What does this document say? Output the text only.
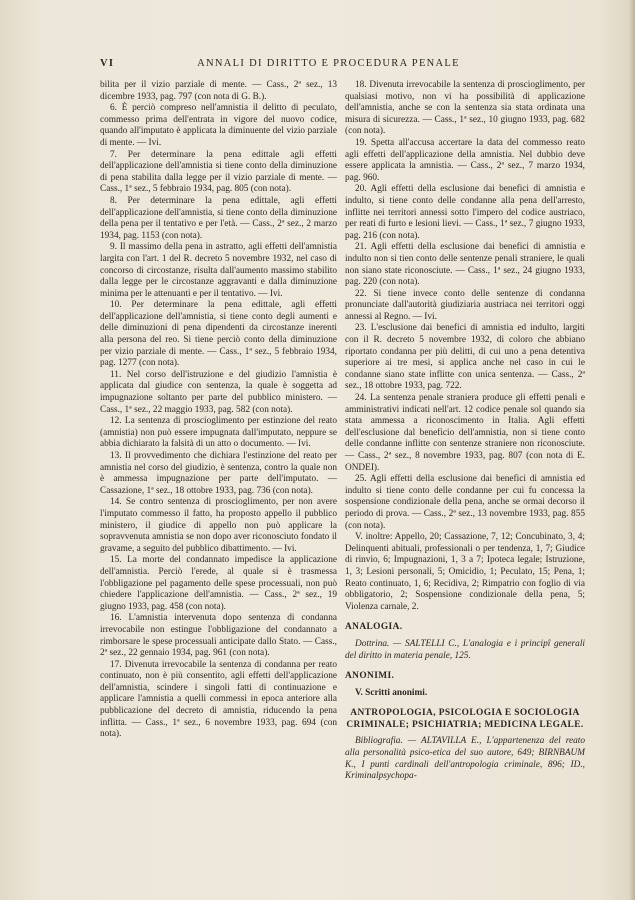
VI	ANNALI DI DIRITTO E PROCEDURA PENALE

bilita per il vizio parziale di mente. — Cass., 2ª sez., 13 dicembre 1933, pag. 797 (con nota di G. B.).

6. È perciò compreso nell'amnistia il delitto di peculato, commesso prima dell'entrata in vigore del nuovo codice, quando all'imputato è applicata la diminuente del vizio parziale di mente. — Ivi.

7. Per determinare la pena edittale agli effetti dell'applicazione dell'amnistia si tiene conto della diminuzione di pena stabilita dalla legge per il vizio parziale di mente. — Cass., 1ª sez., 5 febbraio 1934, pag. 805 (con nota).

8. Per determinare la pena edittale, agli effetti dell'applicazione dell'amnistia, si tiene conto della diminuzione della pena per il tentativo e per l'età. — Cass., 2ª sez., 2 marzo 1934, pag. 1153 (con nota).

9. Il massimo della pena in astratto, agli effetti dell'amnistia largita con l'art. 1 del R. decreto 5 novembre 1932, nel caso di concorso di circostanze, risulta dall'aumento massimo stabilito dalla legge per le circostanze aggravanti e dalla diminuzione minima per le attenuanti e per il tentativo. — Ivi.

10. Per determinare la pena edittale, agli effetti dell'applicazione dell'amnistia, si tiene conto degli aumenti e delle diminuzioni di pena dipendenti da circostanze inerenti alla persona del reo. Si tiene perciò conto della diminuzione per vizio parziale di mente. — Cass., 1ª sez., 5 febbraio 1934, pag. 1277 (con nota).

11. Nel corso dell'istruzione e del giudizio l'amnistia è applicata dal giudice con sentenza, la quale è soggetta ad impugnazione soltanto per parte del pubblico ministero. — Cass., 1ª sez., 22 maggio 1933, pag. 582 (con nota).

12. La sentenza di proscioglimento per estinzione del reato (amnistia) non può essere impugnata dall'imputato, neppure se abbia dichiarato la falsità di un atto o documento. — Ivi.

13. Il provvedimento che dichiara l'estinzione del reato per amnistia nel corso del giudizio, è sentenza, contro la quale non è ammessa impugnazione per parte dell'imputato. — Cassazione, 1ª sez., 18 ottobre 1933, pag. 736 (con nota).

14. Se contro sentenza di proscioglimento, per non avere l'imputato commesso il fatto, ha proposto appello il pubblico ministero, il giudice di appello non può applicare la sopravvenuta amnistia se non dopo aver riconosciuto fondato il gravame, a seguito del pubblico dibattimento. — Ivi.

15. La morte del condannato impedisce la applicazione dell'amnistia. Perciò l'erede, al quale si è trasmessa l'obbligazione pel pagamento delle spese processuali, non può chiedere l'applicazione dell'amnistia. — Cass., 2ª sez., 19 giugno 1933, pag. 458 (con nota).

16. L'amnistia intervenuta dopo sentenza di condanna irrevocabile non estingue l'obbligazione del condannato a rimborsare le spese processuali anticipate dallo Stato. — Cass., 2ª sez., 22 gennaio 1934, pag. 961 (con nota).

17. Divenuta irrevocabile la sentenza di condanna per reato continuato, non è più consentito, agli effetti dell'applicazione dell'amnistia, scindere i singoli fatti di continuazione e applicare l'amnistia a quelli commessi in epoca anteriore alla pubblicazione del decreto di amnistia, riducendo la pena inflitta. — Cass., 1ª sez., 6 novembre 1933, pag. 694 (con nota).

18. Divenuta irrevocabile la sentenza di proscioglimento, per qualsiasi motivo, non vi ha possibilità di applicazione dell'amnistia, anche se con la sentenza sia stata ordinata una misura di sicurezza. — Cass., 1ª sez., 10 giugno 1933, pag. 682 (con nota).

19. Spetta all'accusa accertare la data del commesso reato agli effetti dell'applicazione della amnistia. Nel dubbio deve essere applicata la amnistia. — Cass., 2ª sez., 7 marzo 1934, pag. 960.

20. Agli effetti della esclusione dai benefici di amnistia e indulto, si tiene conto delle condanne alla pena dell'arresto, inflitte nei territori annessi sotto l'impero del codice austriaco, per reati di furto e lesioni lievi. — Cass., 1ª sez., 7 giugno 1933, pag. 216 (con nota).

21. Agli effetti della esclusione dai benefici di amnistia e indulto non si tien conto delle sentenze penali straniere, le quali non siano state riconosciute. — Cass., 1ª sez., 24 giugno 1933, pag. 220 (con nota).

22. Si tiene invece conto delle sentenze di condanna pronunciate dall'autorità giudiziaria austriaca nei territori oggi annessi al Regno. — Ivi.

23. L'esclusione dai benefici di amnistia ed indulto, largiti con il R. decreto 5 novembre 1932, di coloro che abbiano riportato condanna per più delitti, di cui uno a pena detentiva superiore ai tre mesi, si applica anche nel caso in cui le condanne siano state inflitte con unica sentenza. — Cass., 2ª sez., 18 ottobre 1933, pag. 722.

24. La sentenza penale straniera produce gli effetti penali e amministrativi indicati nell'art. 12 codice penale sol quando sia stata ammessa a riconoscimento in Italia. Agli effetti dell'esclusione dal beneficio dell'amnistia, non si tiene conto delle condanne inflitte con sentenze straniere non riconosciute. — Cass., 2ª sez., 8 novembre 1933, pag. 807 (con nota di E. ONDEI).

25. Agli effetti della esclusione dai benefici di amnistia ed indulto si tiene conto delle condanne per cui fu concessa la sospensione condizionale della pena, anche se ormai decorso il periodo di prova. — Cass., 2ª sez., 13 novembre 1933, pag. 855 (con nota).

V. inoltre: Appello, 20; Cassazione, 7, 12; Concubinato, 3, 4; Delinquenti abituali, professionali o per tendenza, 1, 7; Giudice di rinvio, 6; Impugnazioni, 1, 3 a 7; Ipoteca legale; Istruzione, 1, 3; Lesioni personali, 5; Omicidio, 1; Peculato, 15; Pena, 1; Reato continuato, 1, 6; Recidiva, 2; Rimpatrio con foglio di via obbligatorio, 2; Sospensione condizionale della pena, 5; Violenza carnale, 2.

ANALOGIA.

Dottrina. — SALTELLI C., L'analogia e i principî generali del diritto in materia penale, 125.

ANONIMI.

V. Scritti anonimi.

ANTROPOLOGIA, PSICOLOGIA E SOCIOLOGIA CRIMINALE; PSICHIATRIA; MEDICINA LEGALE.

Bibliografia. — ALTAVILLA E., L'appartenenza del reato alla personalità psico-etica del suo autore, 649; BIRNBAUM K., I punti cardinali dell'antropologia criminale, 896; ID., Kriminalpsychopa-
